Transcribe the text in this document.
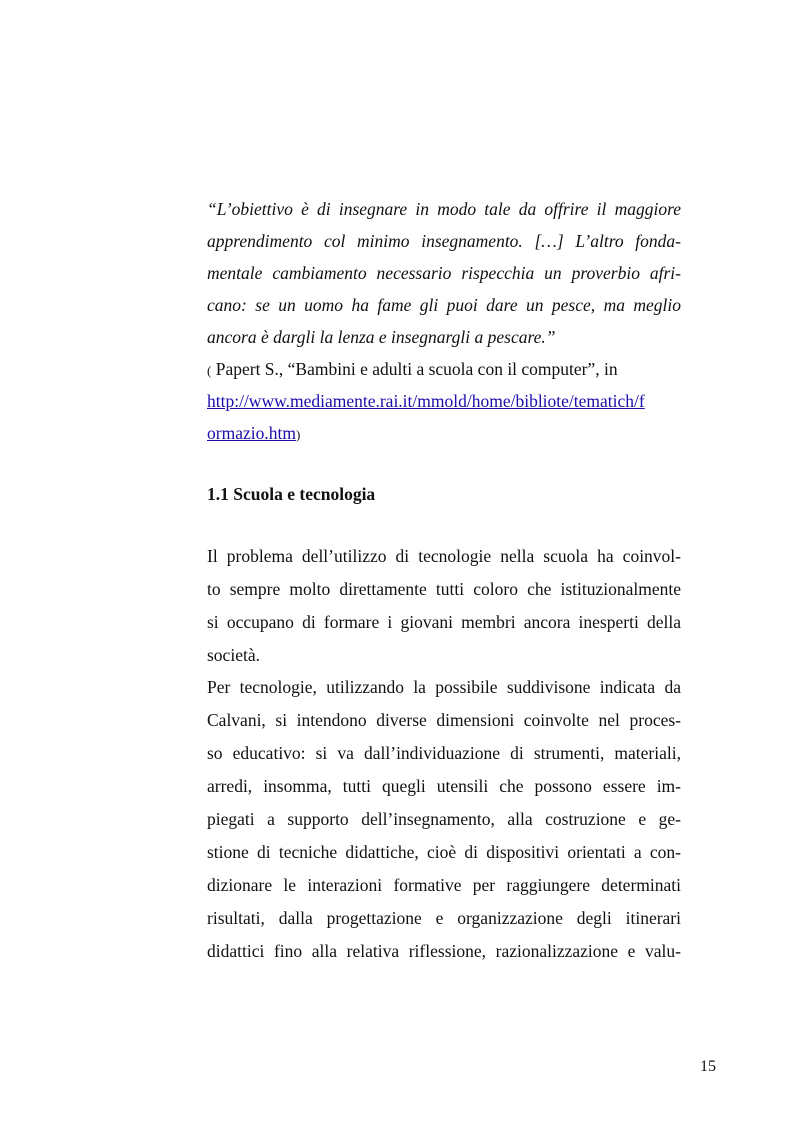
“L’obiettivo è di insegnare in modo tale da offrire il maggiore
apprendimento col minimo insegnamento. […] L’altro fonda-
mentale cambiamento necessario rispecchia un proverbio afri-
cano: se un uomo ha fame gli puoi dare un pesce, ma meglio
ancora è dargli la lenza e insegnargli a pescare.”
( Papert S., “Bambini e adulti a scuola con il computer”, in
http://www.mediamente.rai.it/mmold/home/bibliote/tematich/f
ormazio.htm)
1.1 Scuola e tecnologia
Il problema dell’utilizzo di tecnologie nella scuola ha coinvol-
to sempre molto direttamente tutti coloro che istituzionalmente
si occupano di formare i giovani membri ancora inesperti della
società.
Per tecnologie, utilizzando la possibile suddivisone indicata da
Calvani, si intendono diverse dimensioni coinvolte nel proces-
so educativo: si va dall’individuazione di strumenti, materiali,
arredi, insomma, tutti quegli utensili che possono essere im-
piegati a supporto dell’insegnamento, alla costruzione e ge-
stione di tecniche didattiche, cioè di dispositivi orientati a con-
dizionare le interazioni formative per raggiungere determinati
risultati, dalla progettazione e organizzazione degli itinerari
didattici fino alla relativa riflessione, razionalizzazione e valu-
15
